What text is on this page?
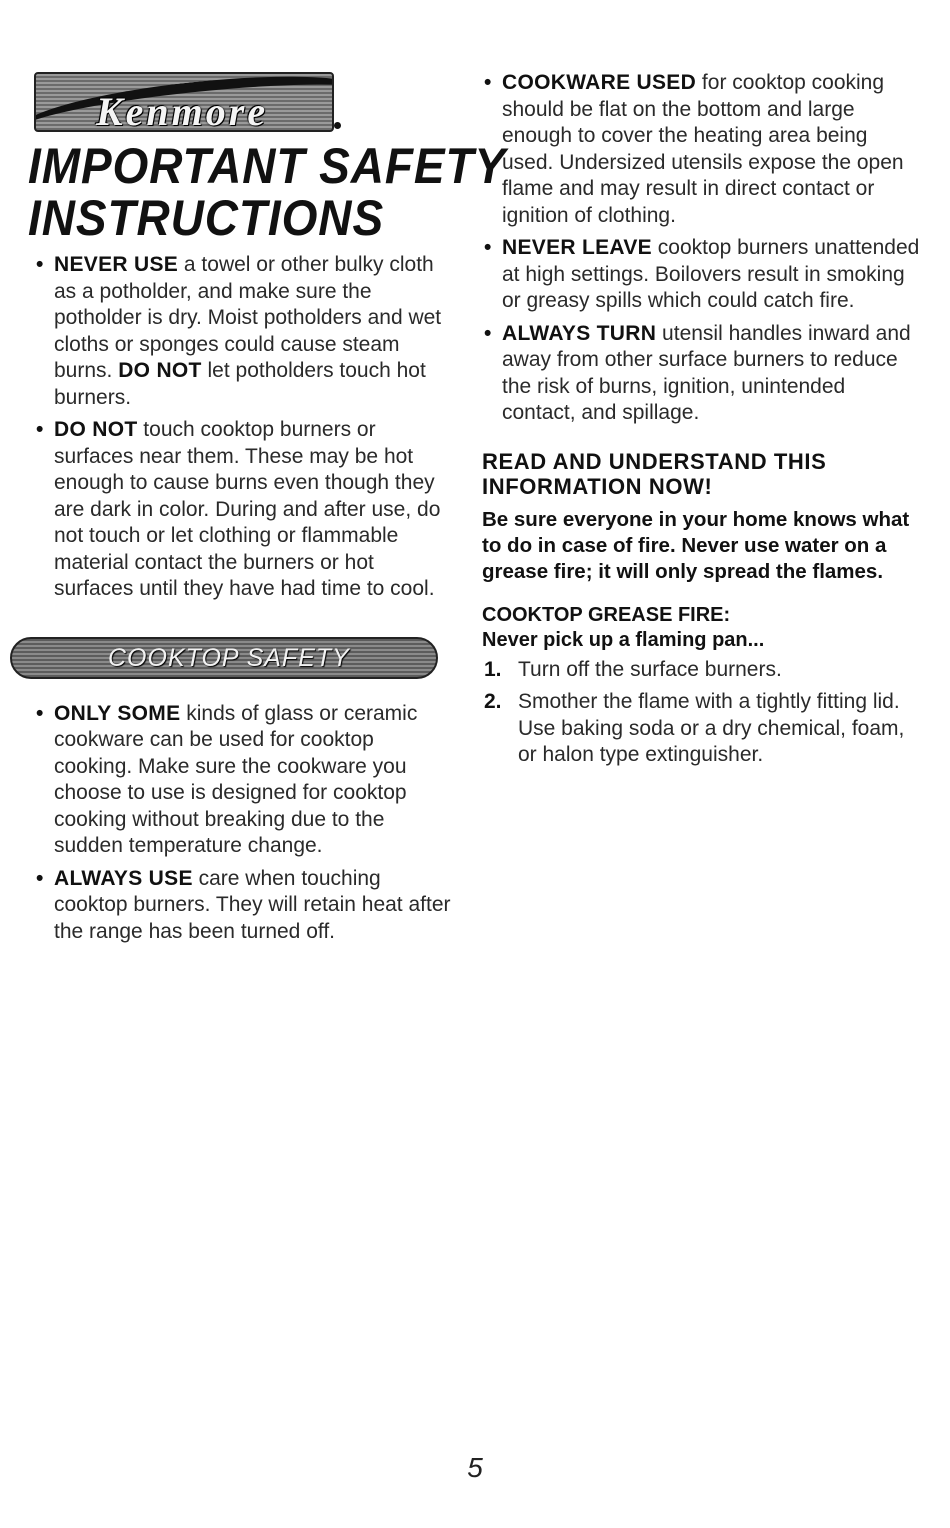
Kenmore
IMPORTANT SAFETY
INSTRUCTIONS
• NEVER USE a towel or other bulky cloth as a potholder, and make sure the potholder is dry. Moist potholders and wet cloths or sponges could cause steam burns. DO NOT let potholders touch hot burners.
• DO NOT touch cooktop burners or surfaces near them. These may be hot enough to cause burns even though they are dark in color. During and after use, do not touch or let clothing or flammable material contact the burners or hot surfaces until they have had time to cool.
COOKTOP SAFETY
• ONLY SOME kinds of glass or ceramic cookware can be used for cooktop cooking. Make sure the cookware you choose to use is designed for cooktop cooking without breaking due to the sudden temperature change.
• ALWAYS USE care when touching cooktop burners. They will retain heat after the range has been turned off.
• COOKWARE USED for cooktop cooking should be flat on the bottom and large enough to cover the heating area being used. Undersized utensils expose the open flame and may result in direct contact or ignition of clothing.
• NEVER LEAVE cooktop burners unattended at high settings. Boilovers result in smoking or greasy spills which could catch fire.
• ALWAYS TURN utensil handles inward and away from other surface burners to reduce the risk of burns, ignition, unintended contact, and spillage.
READ AND UNDERSTAND THIS INFORMATION NOW!
Be sure everyone in your home knows what to do in case of fire. Never use water on a grease fire; it will only spread the flames.
COOKTOP GREASE FIRE:
Never pick up a flaming pan...
1. Turn off the surface burners.
2. Smother the flame with a tightly fitting lid. Use baking soda or a dry chemical, foam, or halon type extinguisher.
5
